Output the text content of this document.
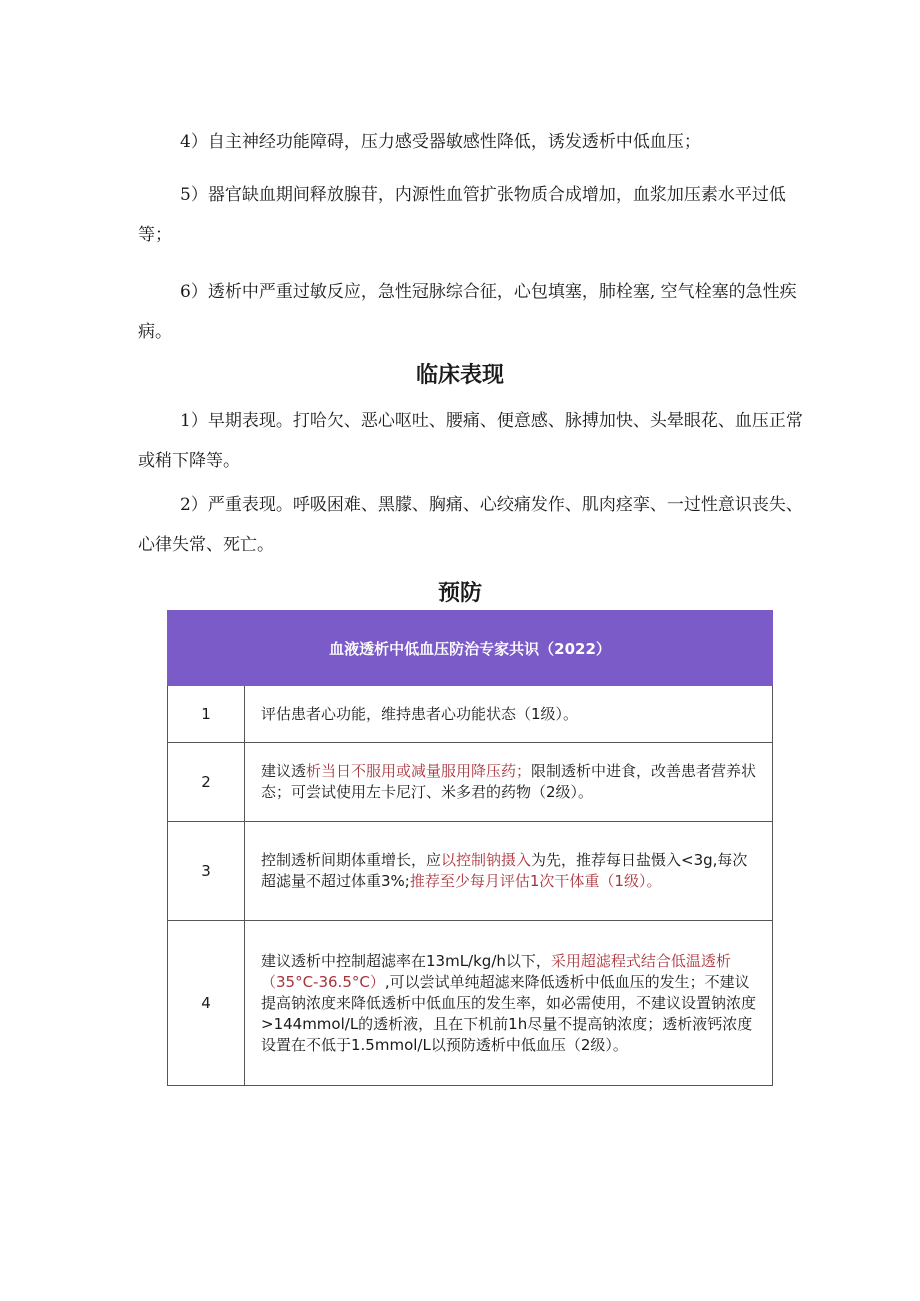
4）自主神经功能障碍，压力感受器敏感性降低，诱发透析中低血压；

5）器官缺血期间释放腺苷，内源性血管扩张物质合成增加，血浆加压素水平过低等；

6）透析中严重过敏反应，急性冠脉综合征，心包填塞，肺栓塞, 空气栓塞的急性疾病。

临床表现

1）早期表现。打哈欠、恶心呕吐、腰痛、便意感、脉搏加快、头晕眼花、血压正常或稍下降等。

2）严重表现。呼吸困难、黑朦、胸痛、心绞痛发作、肌肉痉挛、一过性意识丧失、心律失常、死亡。

预防
血液透析中低血压防治专家共识（2022）	
1	评估患者心功能，维持患者心功能状态（1级）。
2	建议透析当日不服用或减量服用降压药；限制透析中进食，改善患者营养状态；可尝试使用左卡尼汀、米多君的药物（2级）。
3	控制透析间期体重增长，应以控制钠摄入为先，推荐每日盐慑入<3g,每次超滤量不超过体重3%;推荐至少每月评估1次干体重（1级）。
4	建议透析中控制超滤率在13mL/kg/h以下，采用超滤程式结合低温透析（35°C-36.5°C）,可以尝试单纯超滤来降低透析中低血压的发生；不建议提高钠浓度来降低透析中低血压的发生率，如必需使用，不建议设置钠浓度>144mmol/L的透析液，且在下机前1h尽量不提高钠浓度；透析液钙浓度设置在不低于1.5mmol/L以预防透析中低血压（2级）。
